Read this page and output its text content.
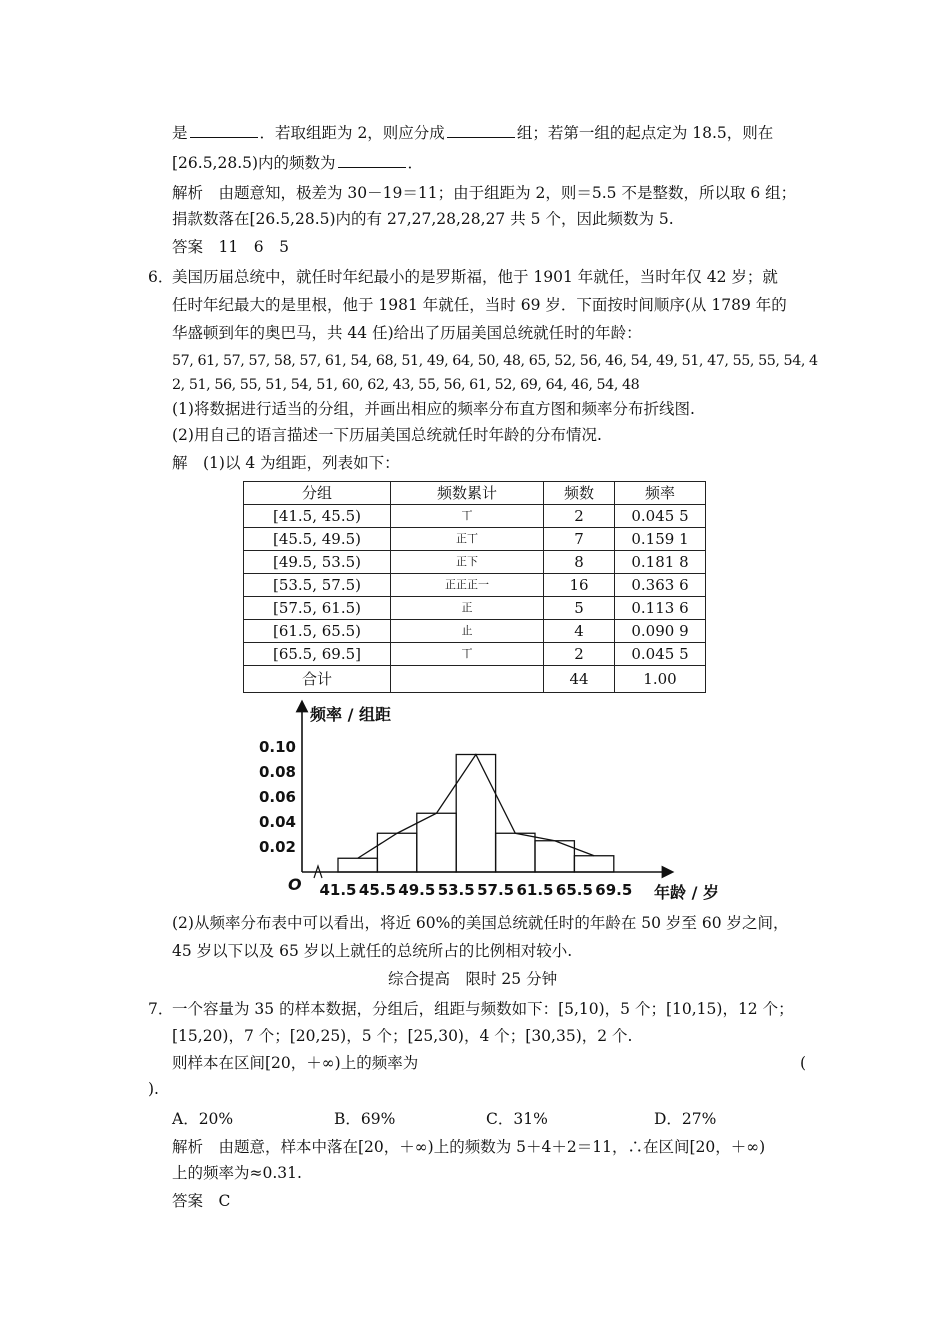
是	．若取组距为 2，则应分成	组；若第一组的起点定为 18.5，则在
[26.5,28.5)内的频数为	．
解析　由题意知，极差为 30－19＝11；由于组距为 2，则＝5.5 不是整数，所以取 6 组；
捐款数落在[26.5,28.5)内的有 27,27,28,28,27 共 5 个，因此频数为 5.
答案　11　6　5
6．
美国历届总统中，就任时年纪最小的是罗斯福，他于 1901 年就任，当时年仅 42 岁；就
任时年纪最大的是里根，他于 1981 年就任，当时 69 岁．下面按时间顺序(从 1789 年的
华盛顿到年的奥巴马，共 44 任)给出了历届美国总统就任时的年龄：
57, 61, 57, 57, 58, 57, 61, 54, 68, 51, 49, 64, 50, 48, 65, 52, 56, 46, 54, 49, 51, 47, 55, 55, 54, 4
2, 51, 56, 55, 51, 54, 51, 60, 62, 43, 55, 56, 61, 52, 69, 64, 46, 54, 48
(1)将数据进行适当的分组，并画出相应的频率分布直方图和频率分布折线图.
(2)用自己的语言描述一下历届美国总统就任时年龄的分布情况.
解　(1)以 4 为组距，列表如下：
分组	频数累计	频数	频率
[41.5, 45.5)	丅	2	0.045 5
[45.5, 49.5)	正丅	7	0.159 1
[49.5, 53.5)	正下	8	0.181 8
[53.5, 57.5)	正正正一	16	0.363 6
[57.5, 61.5)	正	5	0.113 6
[61.5, 65.5)	止	4	0.090 9
[65.5, 69.5]	丅	2	0.045 5
合计		44	1.00
频率 / 组距
年龄 / 岁
O
0.02
0.04
0.06
0.08
0.10
41.5 45.5 49.5 53.5 57.5 61.5 65.5 69.5
(2)从频率分布表中可以看出，将近 60%的美国总统就任时的年龄在 50 岁至 60 岁之间，
45 岁以下以及 65 岁以上就任的总统所占的比例相对较小.
综合提高　限时 25 分钟
7．
一个容量为 35 的样本数据，分组后，组距与频数如下：[5,10)，5 个；[10,15)，12 个；
[15,20)，7 个；[20,25)，5 个；[25,30)，4 个；[30,35)，2 个.
则样本在区间[20，＋∞)上的频率为	(
).
A．20%	B．69%	C．31%	D．27%
解析　由题意，样本中落在[20，＋∞)上的频数为 5＋4＋2＝11，∴在区间[20，＋∞)
上的频率为≈0.31.
答案　C
